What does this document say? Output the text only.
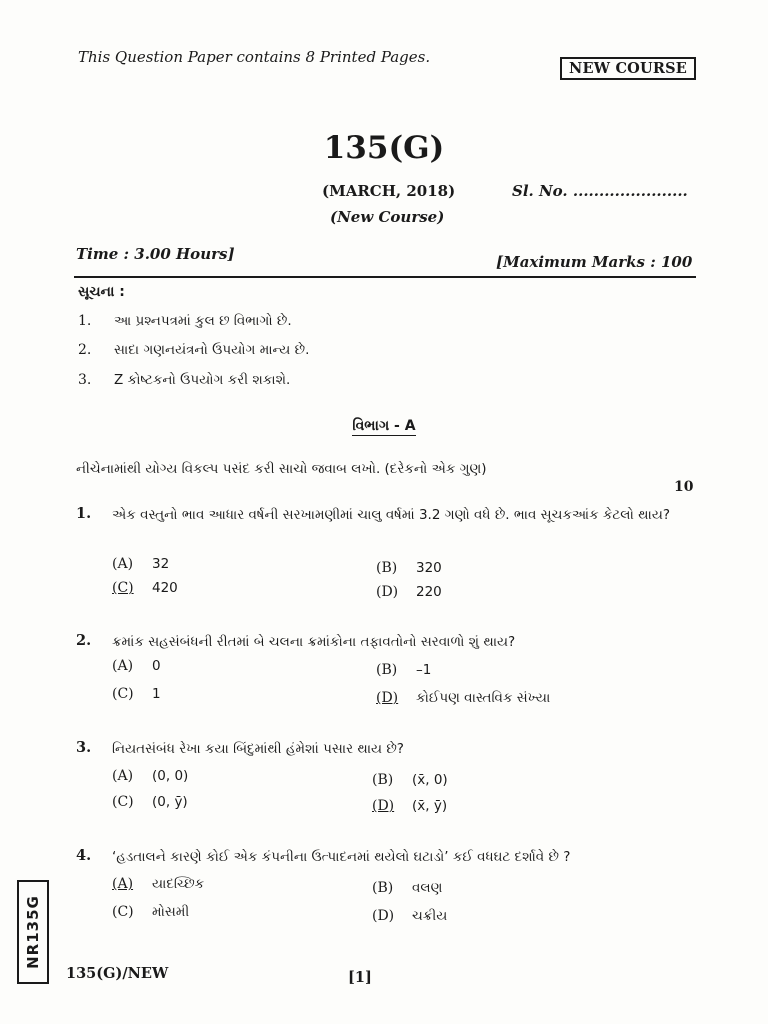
This Question Paper contains 8 Printed Pages.
NEW COURSE
135(G)
(MARCH, 2018)	Sl. No. ......................
(New Course)
Time : 3.00 Hours]	[Maximum Marks : 100
સૂચના :
1. આ પ્રશ્નપત્રમાં કુલ છ વિભાગો છે.
2. સાદા ગણનયંત્રનો ઉપયોગ માન્ય છે.
3. Z કોષ્ટકનો ઉપયોગ કરી શકાશે.
વિભાગ - A
નીચેનામાંથી યોગ્ય વિકલ્પ પસંદ કરી સાચો જવાબ લખો. (દરેકનો એક ગુણ)
10
1. એક વસ્તુનો ભાવ આધાર વર્ષની સરખામણીમાં ચાલુ વર્ષમાં 3.2 ગણો વધે છે. ભાવ સૂચકઆંક કેટલો થાય?
(A) 32	(B) 320
(C) 420	(D) 220
2. ક્રમાંક સહસંબંધની રીતમાં બે ચલના ક્રમાંકોના તફાવતોનો સરવાળો શું થાય?
(A) 0	(B) –1
(C) 1	(D) કોઈપણ વાસ્તવિક સંખ્યા
3. નિયતસંબંધ રેખા કયા બિંદુમાંથી હંમેશાં પસાર થાય છે?
(A) (0, 0)	(B) (x̄, 0)
(C) (0, ȳ)	(D) (x̄, ȳ)
4. ‘હડતાલને કારણે કોઈ એક કંપનીના ઉત્પાદનમાં થયેલો ઘટાડો’ કઈ વધઘટ દર્શાવે છે ?
(A) યાદચ્છિક	(B) વલણ
(C) મોસમી	(D) ચક્રીય
NR135G
135(G)/NEW	[1]
